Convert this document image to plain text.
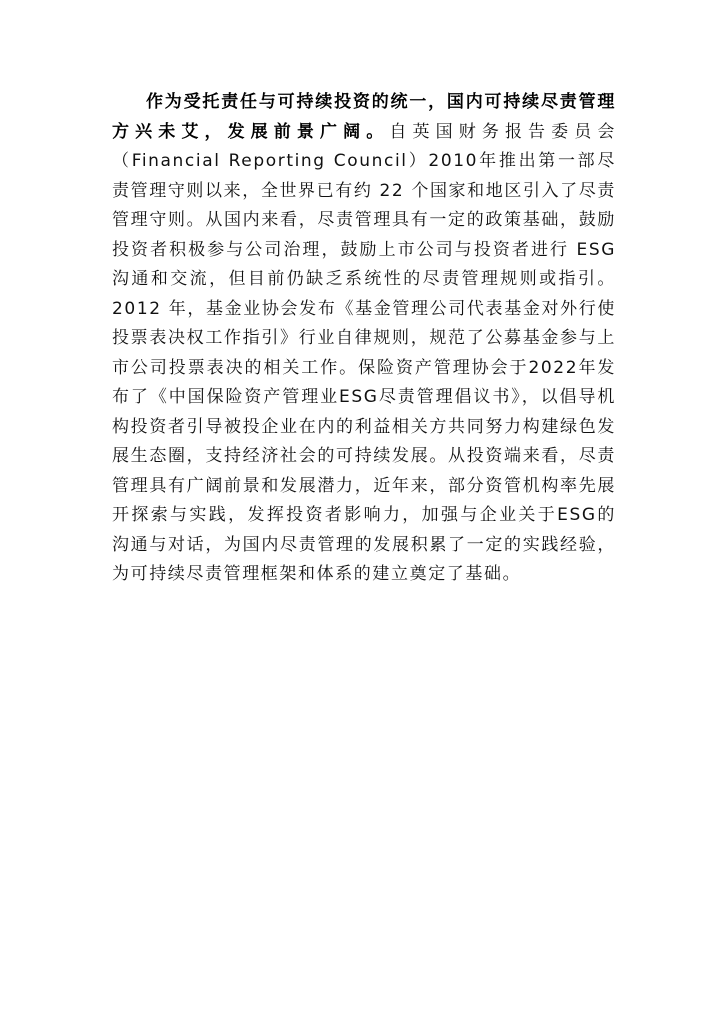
作为受托责任与可持续投资的统一，国内可持续尽责管理方兴未艾，发展前景广阔。自英国财务报告委员会（Financial Reporting Council）2010年推出第一部尽责管理守则以来，全世界已有约 22 个国家和地区引入了尽责管理守则。从国内来看，尽责管理具有一定的政策基础，鼓励投资者积极参与公司治理，鼓励上市公司与投资者进行 ESG 沟通和交流，但目前仍缺乏系统性的尽责管理规则或指引。2012 年，基金业协会发布《基金管理公司代表基金对外行使投票表决权工作指引》行业自律规则，规范了公募基金参与上市公司投票表决的相关工作。保险资产管理协会于2022年发布了《中国保险资产管理业ESG尽责管理倡议书》，以倡导机构投资者引导被投企业在内的利益相关方共同努力构建绿色发展生态圈，支持经济社会的可持续发展。从投资端来看，尽责管理具有广阔前景和发展潜力，近年来，部分资管机构率先展开探索与实践，发挥投资者影响力，加强与企业关于ESG的沟通与对话，为国内尽责管理的发展积累了一定的实践经验，为可持续尽责管理框架和体系的建立奠定了基础。
